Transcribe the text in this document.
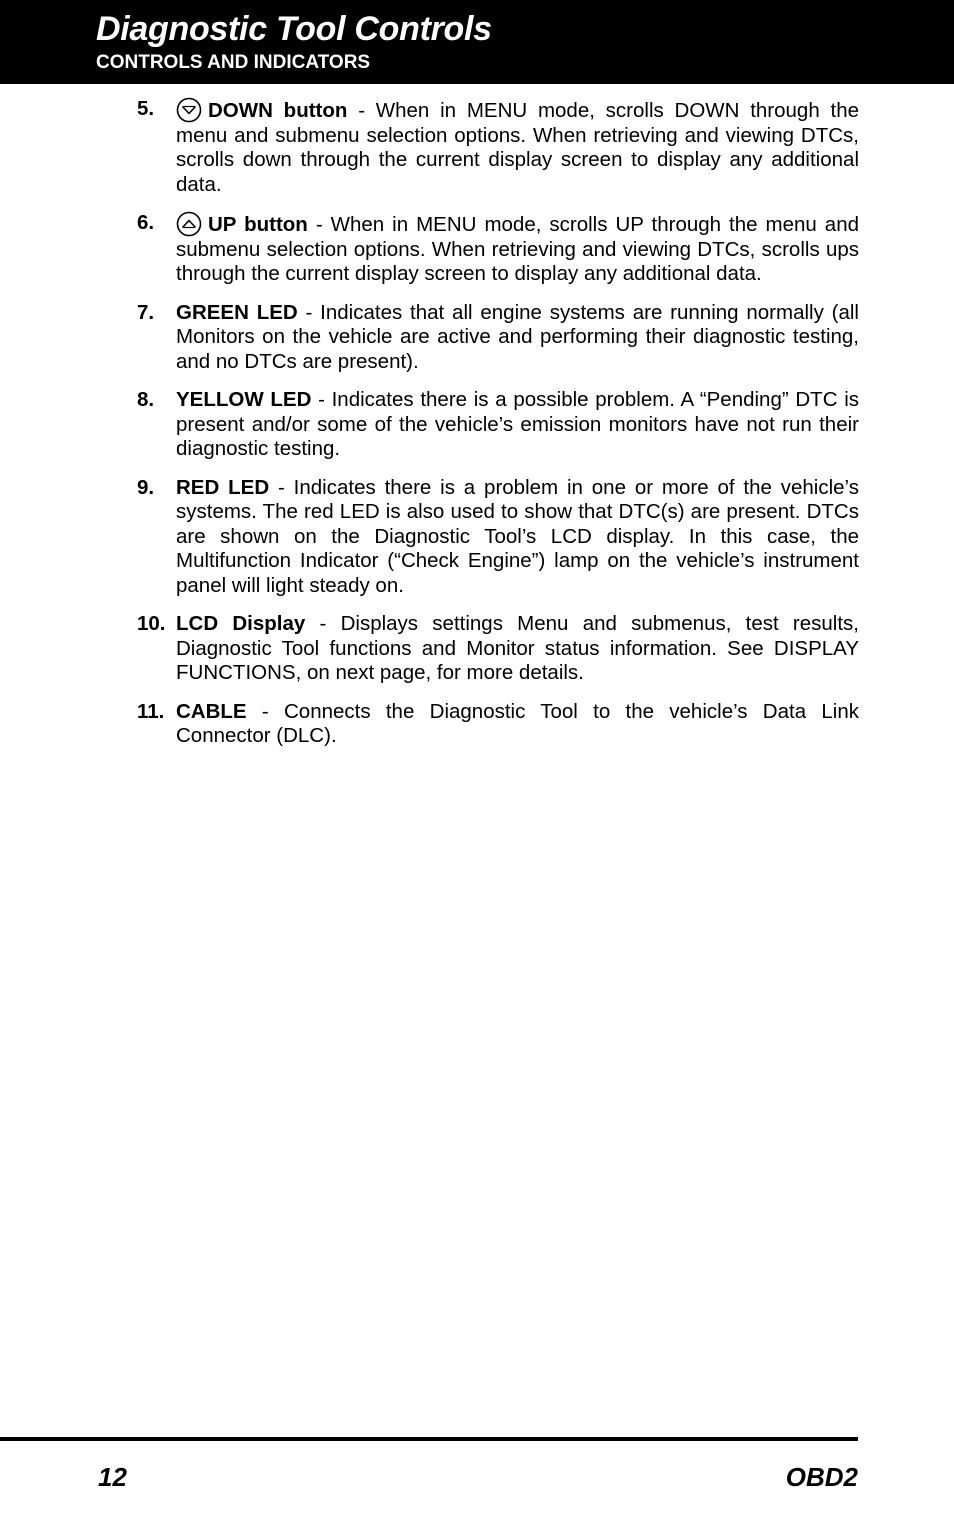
Diagnostic Tool Controls
CONTROLS AND INDICATORS
5.	DOWN button - When in MENU mode, scrolls DOWN through the menu and submenu selection options. When retrieving and viewing DTCs, scrolls down through the current display screen to display any additional data.
6.	UP button - When in MENU mode, scrolls UP through the menu and submenu selection options. When retrieving and viewing DTCs, scrolls ups through the current display screen to display any additional data.
7. GREEN LED - Indicates that all engine systems are running normally (all Monitors on the vehicle are active and performing their diagnostic testing, and no DTCs are present).
8. YELLOW LED - Indicates there is a possible problem. A “Pending” DTC is present and/or some of the vehicle’s emission monitors have not run their diagnostic testing.
9. RED LED - Indicates there is a problem in one or more of the vehicle’s systems. The red LED is also used to show that DTC(s) are present. DTCs are shown on the Diagnostic Tool’s LCD display. In this case, the Multifunction Indicator (“Check Engine”) lamp on the vehicle’s instrument panel will light steady on.
10. LCD Display - Displays settings Menu and submenus, test results, Diagnostic Tool functions and Monitor status information. See DISPLAY FUNCTIONS, on next page, for more details.
11. CABLE - Connects the Diagnostic Tool to the vehicle’s Data Link Connector (DLC).
12	OBD2
